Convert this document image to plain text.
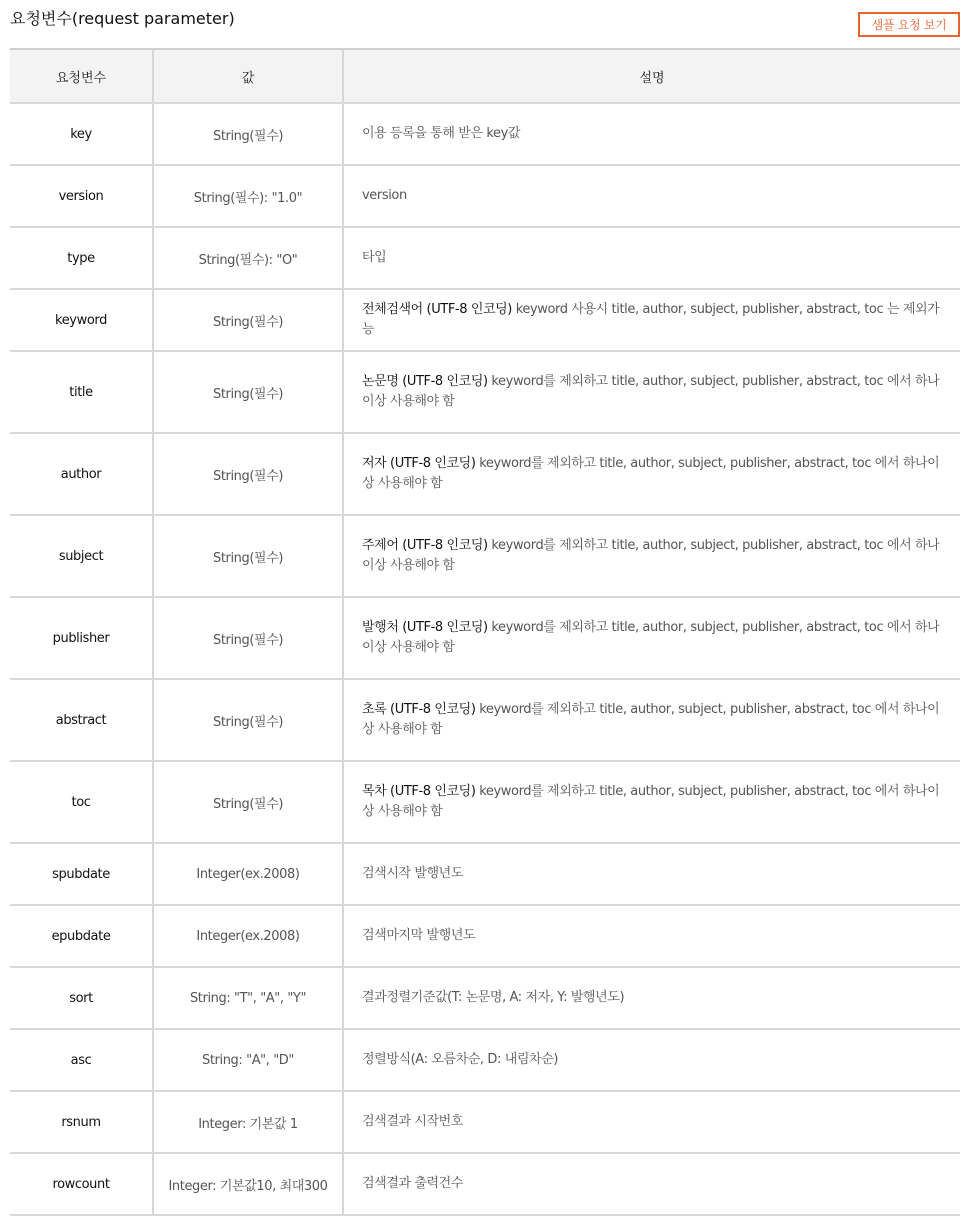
요청변수(request parameter)	샘플 요청 보기
요청변수	값	설명
key	String(필수)	이용 등록을 통해 받은 key값
version	String(필수): "1.0"	version
type	String(필수): "O"	타입
keyword	String(필수)	전체검색어 (UTF-8 인코딩) keyword 사용시 title, author, subject, publisher, abstract, toc 는 제외가능
title	String(필수)	논문명 (UTF-8 인코딩) keyword를 제외하고 title, author, subject, publisher, abstract, toc 에서 하나이상 사용해야 함
author	String(필수)	저자 (UTF-8 인코딩) keyword를 제외하고 title, author, subject, publisher, abstract, toc 에서 하나이상 사용해야 함
subject	String(필수)	주제어 (UTF-8 인코딩) keyword를 제외하고 title, author, subject, publisher, abstract, toc 에서 하나이상 사용해야 함
publisher	String(필수)	발행처 (UTF-8 인코딩) keyword를 제외하고 title, author, subject, publisher, abstract, toc 에서 하나이상 사용해야 함
abstract	String(필수)	초록 (UTF-8 인코딩) keyword를 제외하고 title, author, subject, publisher, abstract, toc 에서 하나이상 사용해야 함
toc	String(필수)	목차 (UTF-8 인코딩) keyword를 제외하고 title, author, subject, publisher, abstract, toc 에서 하나이상 사용해야 함
spubdate	Integer(ex.2008)	검색시작 발행년도
epubdate	Integer(ex.2008)	검색마지막 발행년도
sort	String: "T", "A", "Y"	결과정렬기준값(T: 논문명, A: 저자, Y: 발행년도)
asc	String: "A", "D"	정렬방식(A: 오름차순, D: 내림차순)
rsnum	Integer: 기본값 1	검색결과 시작번호
rowcount	Integer: 기본값10, 최대300	검색결과 출력건수
